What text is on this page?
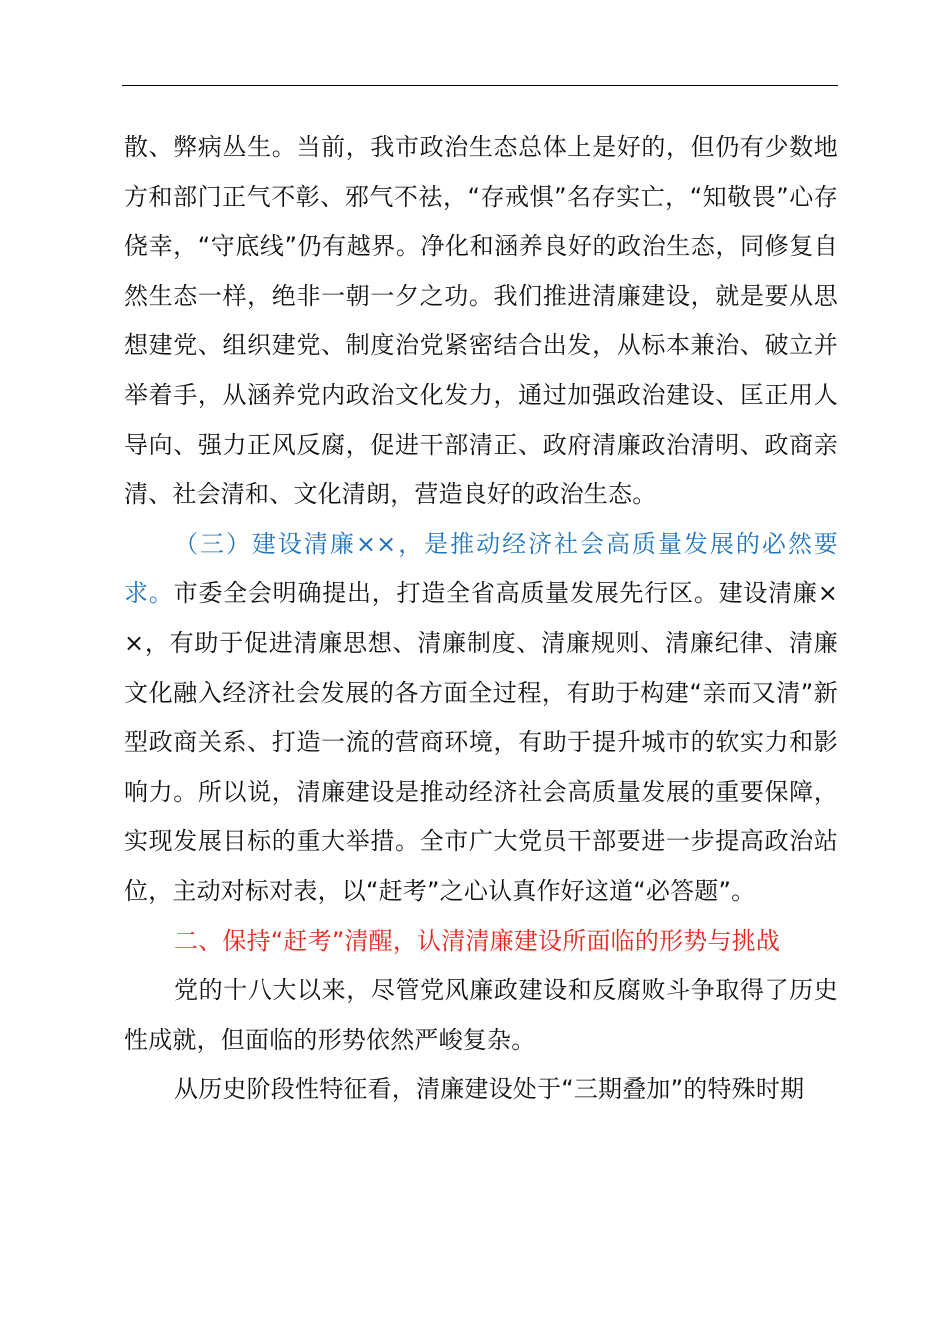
散、弊病丛生。当前，我市政治生态总体上是好的，但仍有少数地方和部门正气不彰、邪气不祛，“存戒惧”名存实亡，“知敬畏”心存侥幸，“守底线”仍有越界。净化和涵养良好的政治生态，同修复自然生态一样，绝非一朝一夕之功。我们推进清廉建设，就是要从思想建党、组织建党、制度治党紧密结合出发，从标本兼治、破立并举着手，从涵养党内政治文化发力，通过加强政治建设、匡正用人导向、强力正风反腐，促进干部清正、政府清廉政治清明、政商亲清、社会清和、文化清朗，营造良好的政治生态。

（三）建设清廉××，是推动经济社会高质量发展的必然要求。市委全会明确提出，打造全省高质量发展先行区。建设清廉××，有助于促进清廉思想、清廉制度、清廉规则、清廉纪律、清廉文化融入经济社会发展的各方面全过程，有助于构建“亲而又清”新型政商关系、打造一流的营商环境，有助于提升城市的软实力和影响力。所以说，清廉建设是推动经济社会高质量发展的重要保障，实现发展目标的重大举措。全市广大党员干部要进一步提高政治站位，主动对标对表，以“赶考”之心认真作好这道“必答题”。

二、保持“赶考”清醒，认清清廉建设所面临的形势与挑战

党的十八大以来，尽管党风廉政建设和反腐败斗争取得了历史性成就，但面临的形势依然严峻复杂。

从历史阶段性特征看，清廉建设处于“三期叠加”的特殊时期
